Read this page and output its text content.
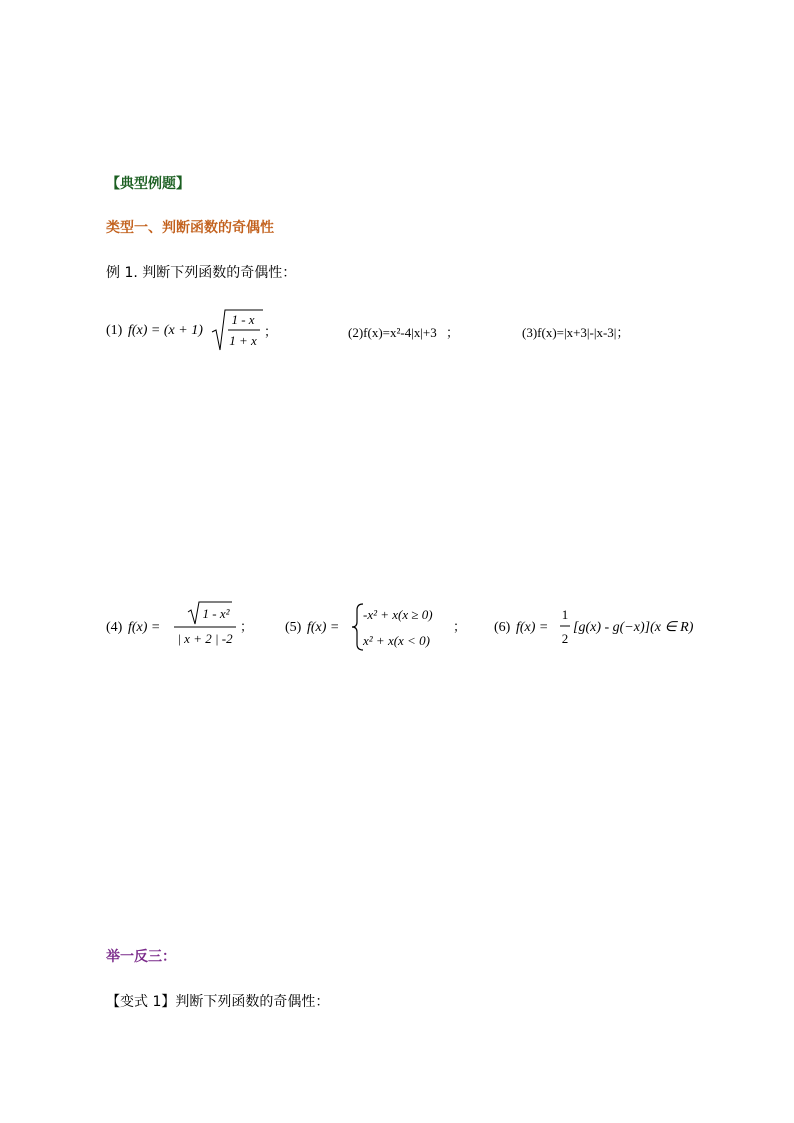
【典型例题】
类型一、判断函数的奇偶性
例 1. 判断下列函数的奇偶性：
(1) f(x) = (x + 1)
1 - x
1 + x
；	(2)f(x)=x²-4|x|+3 ；	(3)f(x)=|x+3|-|x-3|；
(4) f(x) =
1 - x²
| x + 2 | -2
； (5) f(x) =
-x² + x(x ≥ 0)
x² + x(x < 0)
； (6) f(x) =
1
2
[g(x) - g(−x)](x ∈ R)
举一反三：
【变式 1】判断下列函数的奇偶性：
